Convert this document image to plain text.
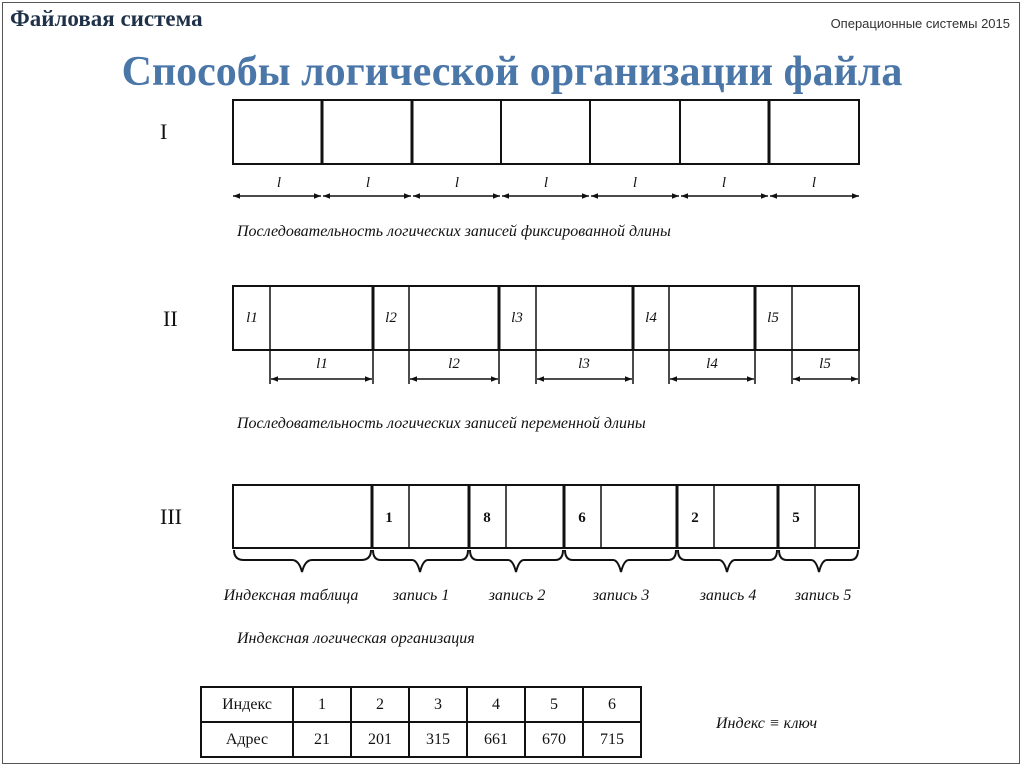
Файловая система	Операционные системы 2015
Способы логической организации файла
I
l	l	l	l	l	l	l
Последовательность логических записей фиксированной длины
II	l1	l2	l3	l4	l5
l1	l2	l3	l4	l5
Последовательность логических записей переменной длины
III	1	8	6	2	5
Индексная таблица запись 1 запись 2	запись 3	запись 4 запись 5
Индексная логическая организация
Индекс	1	2	3	4	5	6
Адрес	21	201	315	661	670	715
Индекс ≡ ключ
